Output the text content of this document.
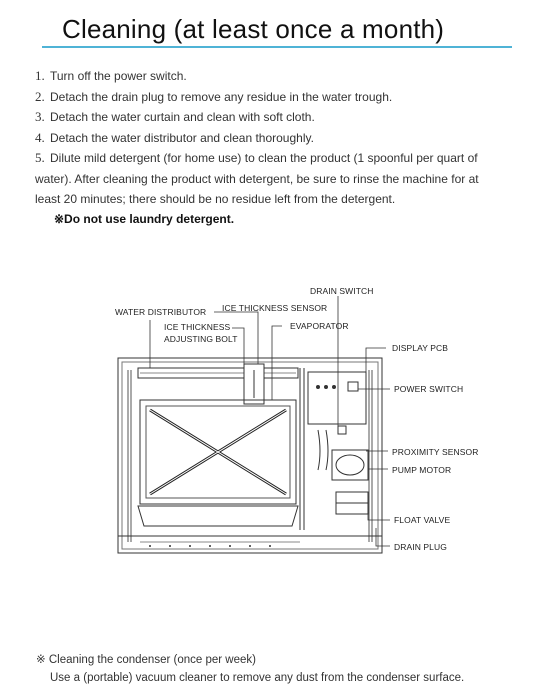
Cleaning (at least once a month)
1. Turn off the power switch.
2. Detach the drain plug to remove any residue in the water trough.
3. Detach the water curtain and clean with soft cloth.
4. Detach the water distributor and clean thoroughly.
5. Dilute mild detergent (for home use) to clean the product (1 spoonful per quart of
water). After cleaning the product with detergent, be sure to rinse the machine for at
least 20 minutes; there should be no residue left from the detergent.
※Do not use laundry detergent.
DRAIN SWITCH
WATER DISTRIBUTOR ICE THICKNESS SENSOR
ICE THICKNESS
ADJUSTING BOLT
EVAPORATOR
DISPLAY PCB
POWER SWITCH
PROXIMITY SENSOR
PUMP MOTOR
FLOAT VALVE
DRAIN PLUG
※ Cleaning the condenser (once per week)
Use a (portable) vacuum cleaner to remove any dust from the condenser surface.
